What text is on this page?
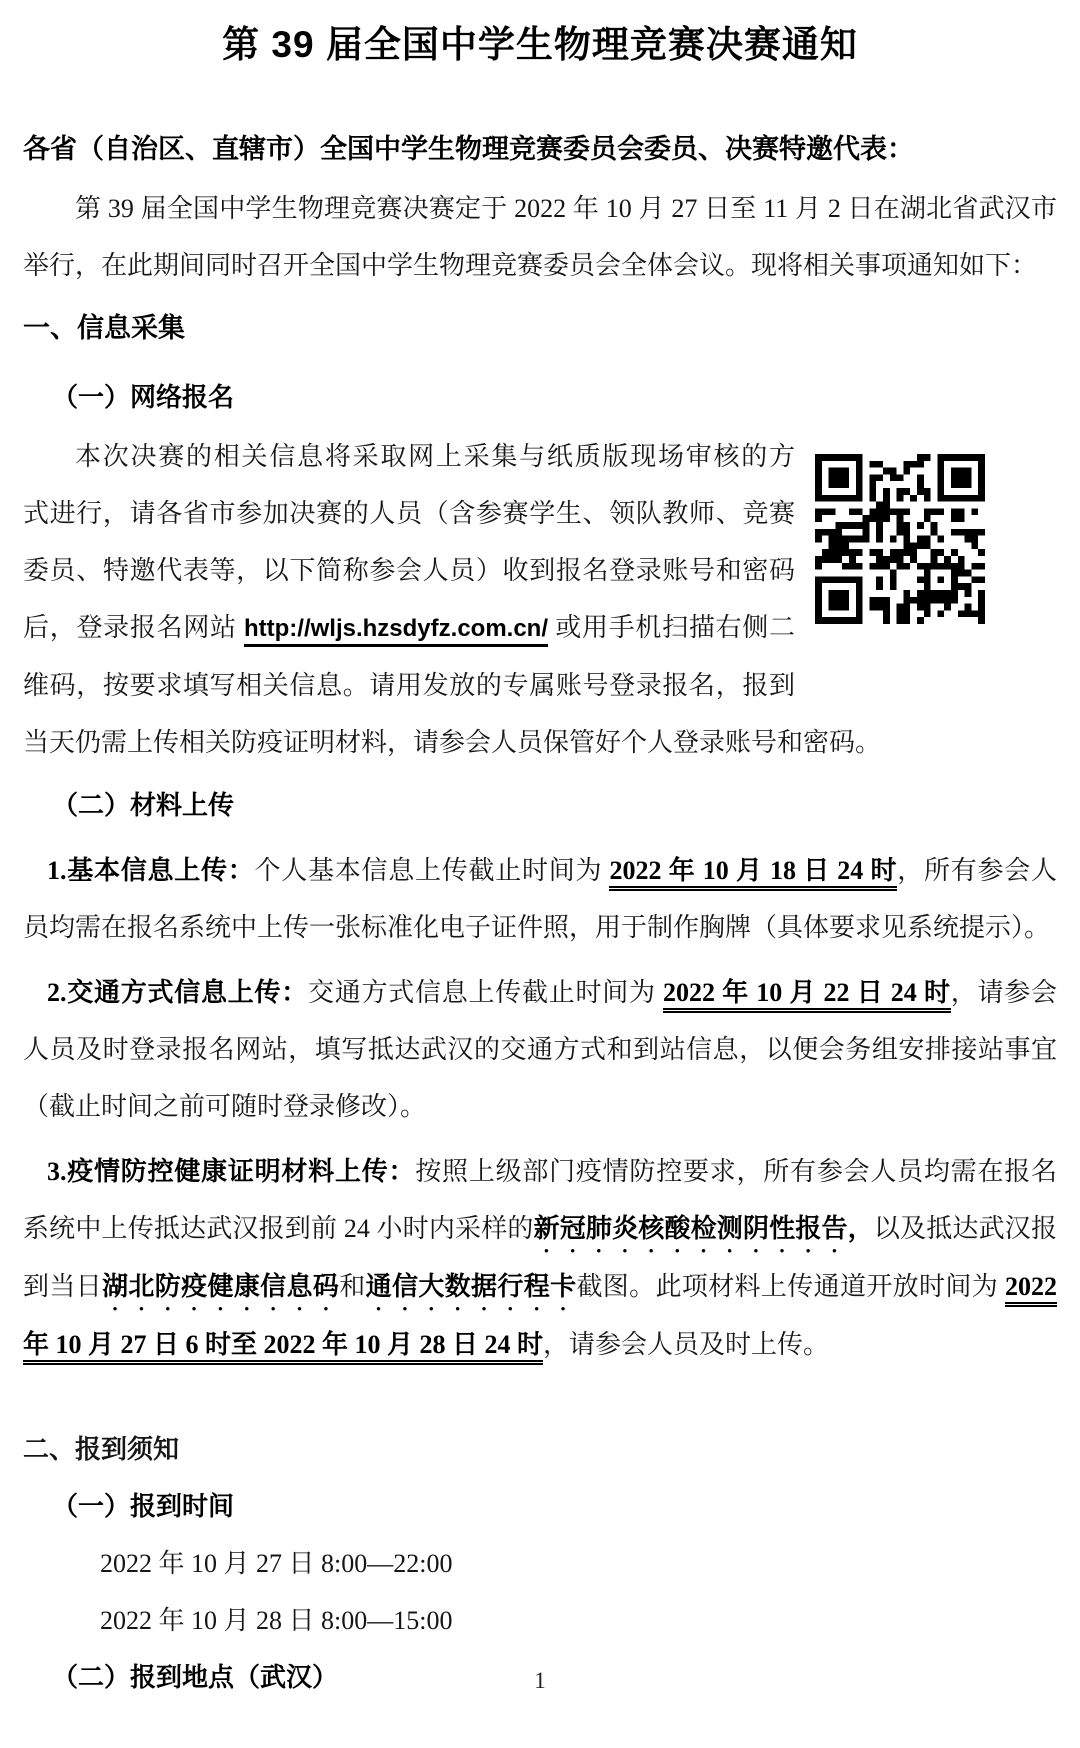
第 39 届全国中学生物理竞赛决赛通知
各省（自治区、直辖市）全国中学生物理竞赛委员会委员、决赛特邀代表：
第 39 届全国中学生物理竞赛决赛定于 2022 年 10 月 27 日至 11 月 2 日在湖北省武汉市
举行，在此期间同时召开全国中学生物理竞赛委员会全体会议。现将相关事项通知如下：
一、信息采集
（一）网络报名
本次决赛的相关信息将采取网上采集与纸质版现场审核的方
式进行，请各省市参加决赛的人员（含参赛学生、领队教师、竞赛
委员、特邀代表等，以下简称参会人员）收到报名登录账号和密码
后，登录报名网站 http://wljs.hzsdyfz.com.cn/ 或用手机扫描右侧二
维码，按要求填写相关信息。请用发放的专属账号登录报名，报到
当天仍需上传相关防疫证明材料，请参会人员保管好个人登录账号和密码。
（二）材料上传
1.基本信息上传：个人基本信息上传截止时间为 2022 年 10 月 18 日 24 时，所有参会人
员均需在报名系统中上传一张标准化电子证件照，用于制作胸牌（具体要求见系统提示）。
2.交通方式信息上传：交通方式信息上传截止时间为 2022 年 10 月 22 日 24 时，请参会
人员及时登录报名网站，填写抵达武汉的交通方式和到站信息，以便会务组安排接站事宜
（截止时间之前可随时登录修改）。
3.疫情防控健康证明材料上传：按照上级部门疫情防控要求，所有参会人员均需在报名
系统中上传抵达武汉报到前 24 小时内采样的新冠肺炎核酸检测阴性报告，以及抵达武汉报
到当日湖北防疫健康信息码和通信大数据行程卡截图。此项材料上传通道开放时间为 2022
年 10 月 27 日 6 时至 2022 年 10 月 28 日 24 时，请参会人员及时上传。
二、报到须知
（一）报到时间
2022 年 10 月 27 日 8:00—22:00
2022 年 10 月 28 日 8:00—15:00
（二）报到地点（武汉）	1
